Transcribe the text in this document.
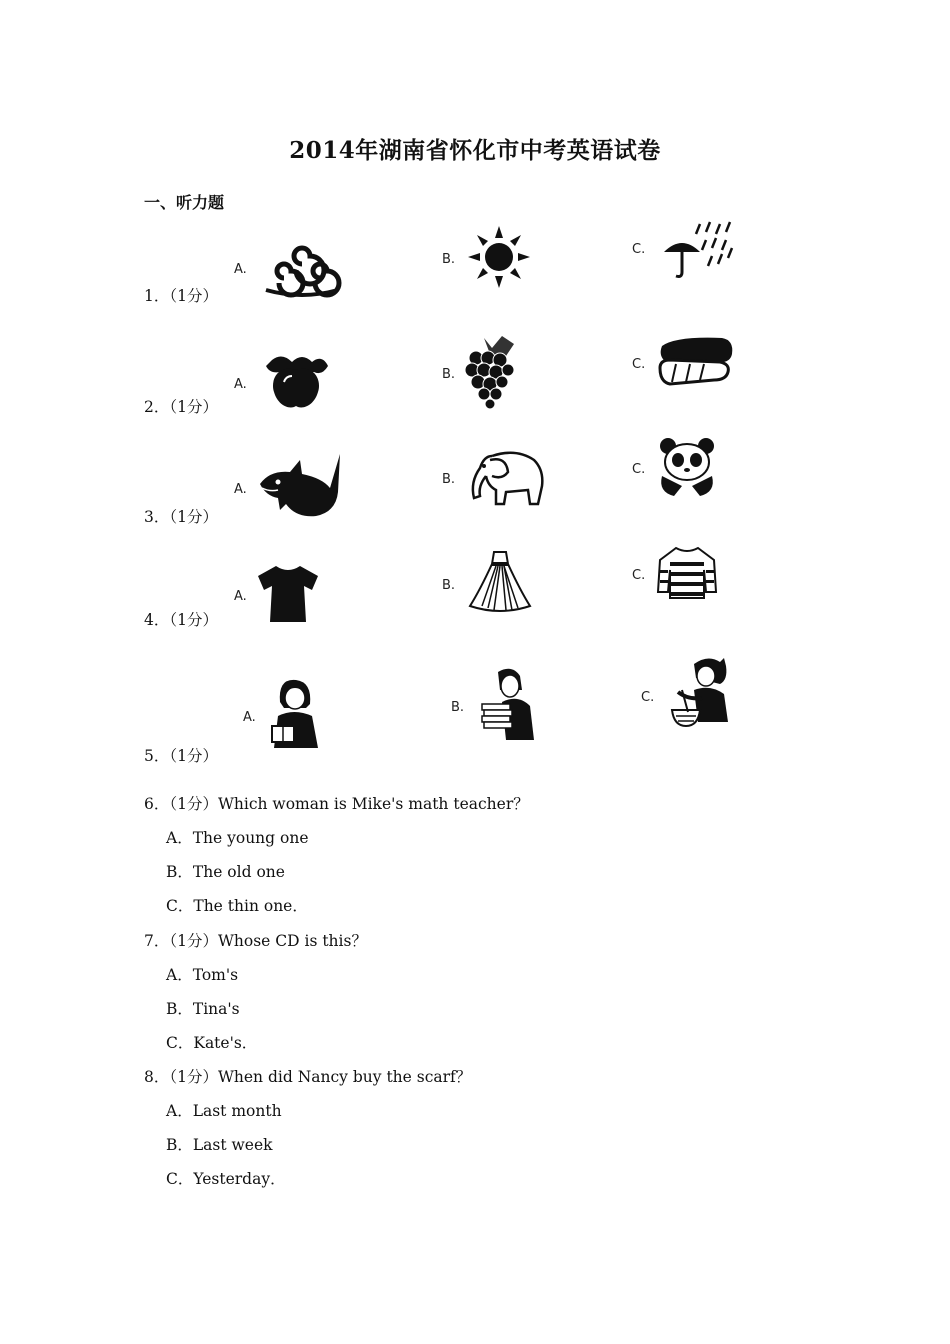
2014年湖南省怀化市中考英语试卷
一、听力题
1．（1分）
A.
B.
C.
2．（1分）
A.
B.
C.
3．（1分）
A.
B.
C.
4．（1分）
A.
B.
C.
5．（1分）
A.
B.
C.
6．（1分）Which woman is Mike's math teacher？
A．The young one
B．The old one
C．The thin one．
7．（1分）Whose CD is this？
A．Tom's
B．Tina's
C．Kate's．
8．（1分）When did Nancy buy the scarf？
A．Last month
B．Last week
C．Yesterday．
